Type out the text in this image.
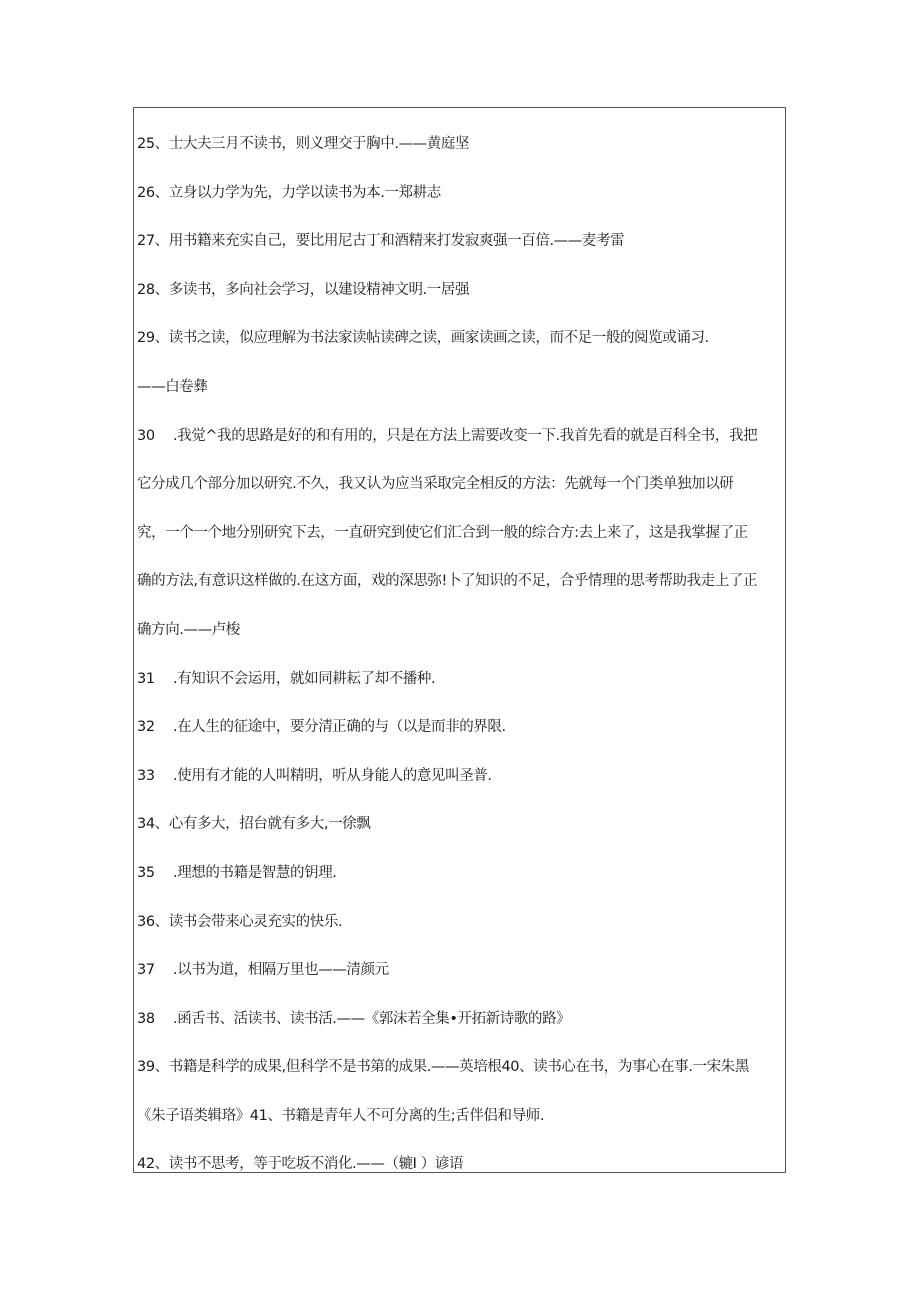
25、士大夫三月不读书，则义理交于胸中.——黄庭坚
26、立身以力学为先，力学以读书为本.一郑耕志
27、用书籍来充实自己，要比用尼古丁和酒精来打发寂爽强一百倍.——麦考雷
28、多读书，多向社会学习，以建设精神文明.一居强
29、读书之读，似应理解为书法家读帖读碑之读，画家读画之读，而不足一般的阅览或诵习.
——白卷彝
30 .我觉^我的思路是好的和有用的，只是在方法上需要改变一下.我首先看的就是百科全书，我把
它分成几个部分加以研究.不久，我又认为应当采取完全相反的方法：先就每一个门类单独加以研
究，一个一个地分别研究下去，一直研究到使它们汇合到一般的综合方:去上来了，这是我掌握了正
确的方法,有意识这样做的.在这方面，戏的深思弥!卜了知识的不足，合乎情理的思考帮助我走上了正
确方向.——卢梭
31 .有知识不会运用，就如同耕耘了却不播种.
32 .在人生的征途中，要分清正确的与（以是而非的界限.
33 .使用有才能的人叫精明，听从身能人的意见叫圣普.
34、心有多大，招台就有多大,一徐飘
35 .理想的书籍是智慧的钥理.
36、读书会带来心灵充实的快乐.
37 .以书为道，相隔万里也——清颜元
38 .函舌书、活读书、读书活.——《郭沫若全集•开拓新诗歌的路》
39、书籍是科学的成果,但科学不是书第的成果.——英培根40、读书心在书，为事心在事.一宋朱黑
《朱子语类辑珞》41、书籍是青年人不可分离的生;舌伴侣和导师.
42、读书不思考，等于吃坂不消化.——（辘I ）谚语
